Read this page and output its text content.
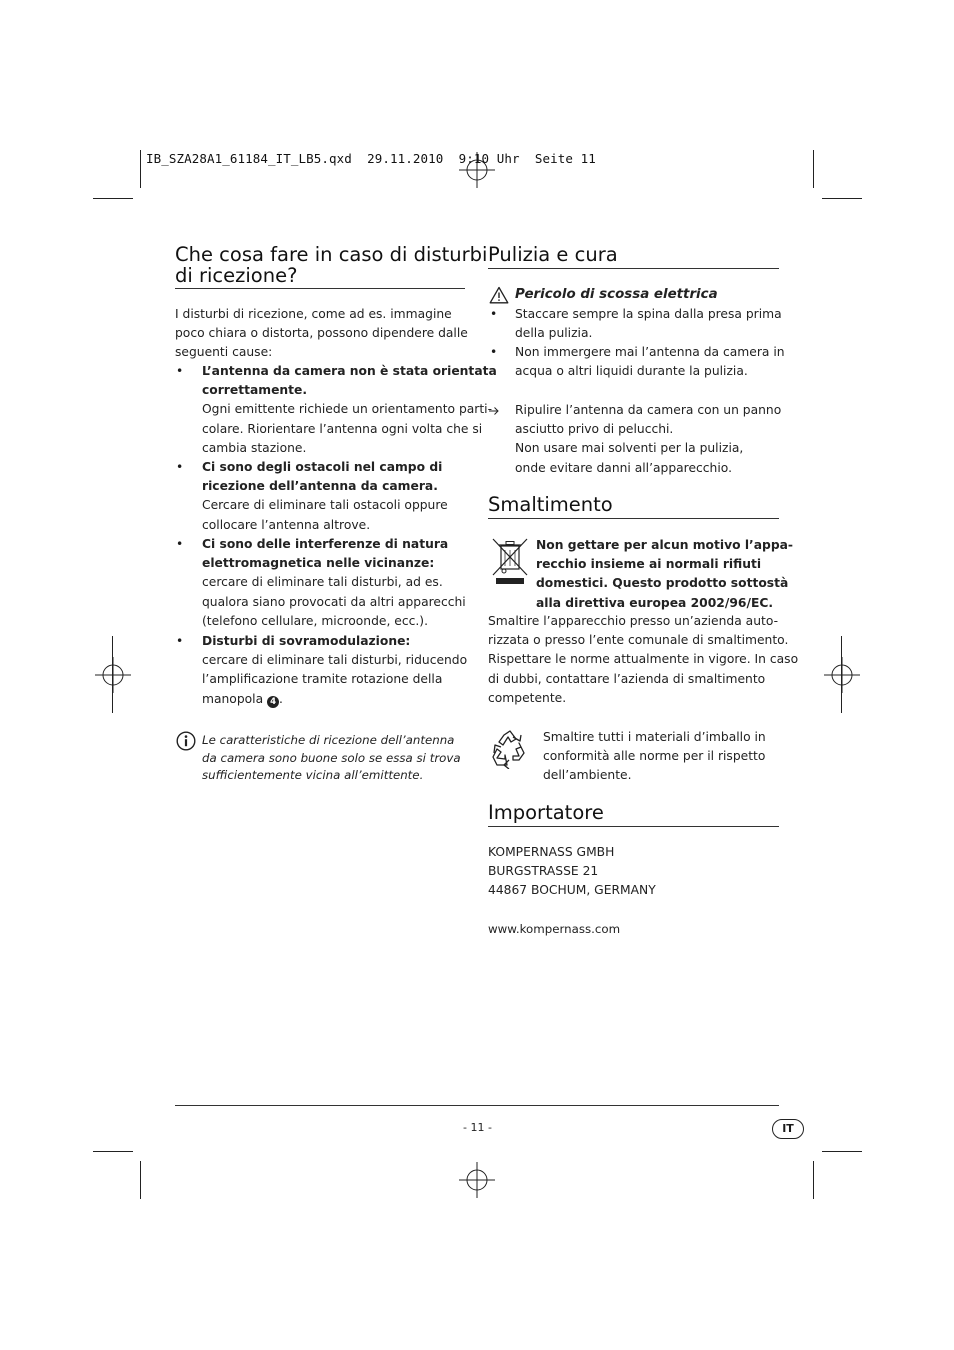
IB_SZA28A1_61184_IT_LB5.qxd  29.11.2010  9:10 Uhr  Seite 11
Che cosa fare in caso di disturbi
di ricezione?
I disturbi di ricezione, come ad es. immagine
poco chiara o distorta, possono dipendere dalle
seguenti cause:
• L’antenna da camera non è stata orientata
correttamente.
Ogni emittente richiede un orientamento parti-
colare. Riorientare l’antenna ogni volta che si
cambia stazione.
• Ci sono degli ostacoli nel campo di
ricezione dell’antenna da camera.
Cercare di eliminare tali ostacoli oppure
collocare l’antenna altrove.
• Ci sono delle interferenze di natura
elettromagnetica nelle vicinanze:
cercare di eliminare tali disturbi, ad es.
qualora siano provocati da altri apparecchi
(telefono cellulare, microonde, ecc.).
• Disturbi di sovramodulazione:
cercare di eliminare tali disturbi, riducendo
l’amplificazione tramite rotazione della
manopola 4 .
Le caratteristiche di ricezione dell’antenna
da camera sono buone solo se essa si trova
sufficientemente vicina all’emittente.
Pulizia e cura
Pericolo di scossa elettrica
• Staccare sempre la spina dalla presa prima
della pulizia.
• Non immergere mai l’antenna da camera in
acqua o altri liquidi durante la pulizia.
Ripulire l’antenna da camera con un panno
asciutto privo di pelucchi.
Non usare mai solventi per la pulizia,
onde evitare danni all’apparecchio.
Smaltimento
Non gettare per alcun motivo l’appa-
recchio insieme ai normali rifiuti
domestici. Questo prodotto sottostà
alla direttiva europea 2002/96/EC.
Smaltire l’apparecchio presso un’azienda auto-
rizzata o presso l’ente comunale di smaltimento.
Rispettare le norme attualmente in vigore. In caso
di dubbi, contattare l’azienda di smaltimento
competente.
Smaltire tutti i materiali d’imballo in
conformità alle norme per il rispetto
dell’ambiente.
Importatore
KOMPERNASS GMBH
BURGSTRASSE 21
44867 BOCHUM, GERMANY
www.kompernass.com
- 11 -	IT
